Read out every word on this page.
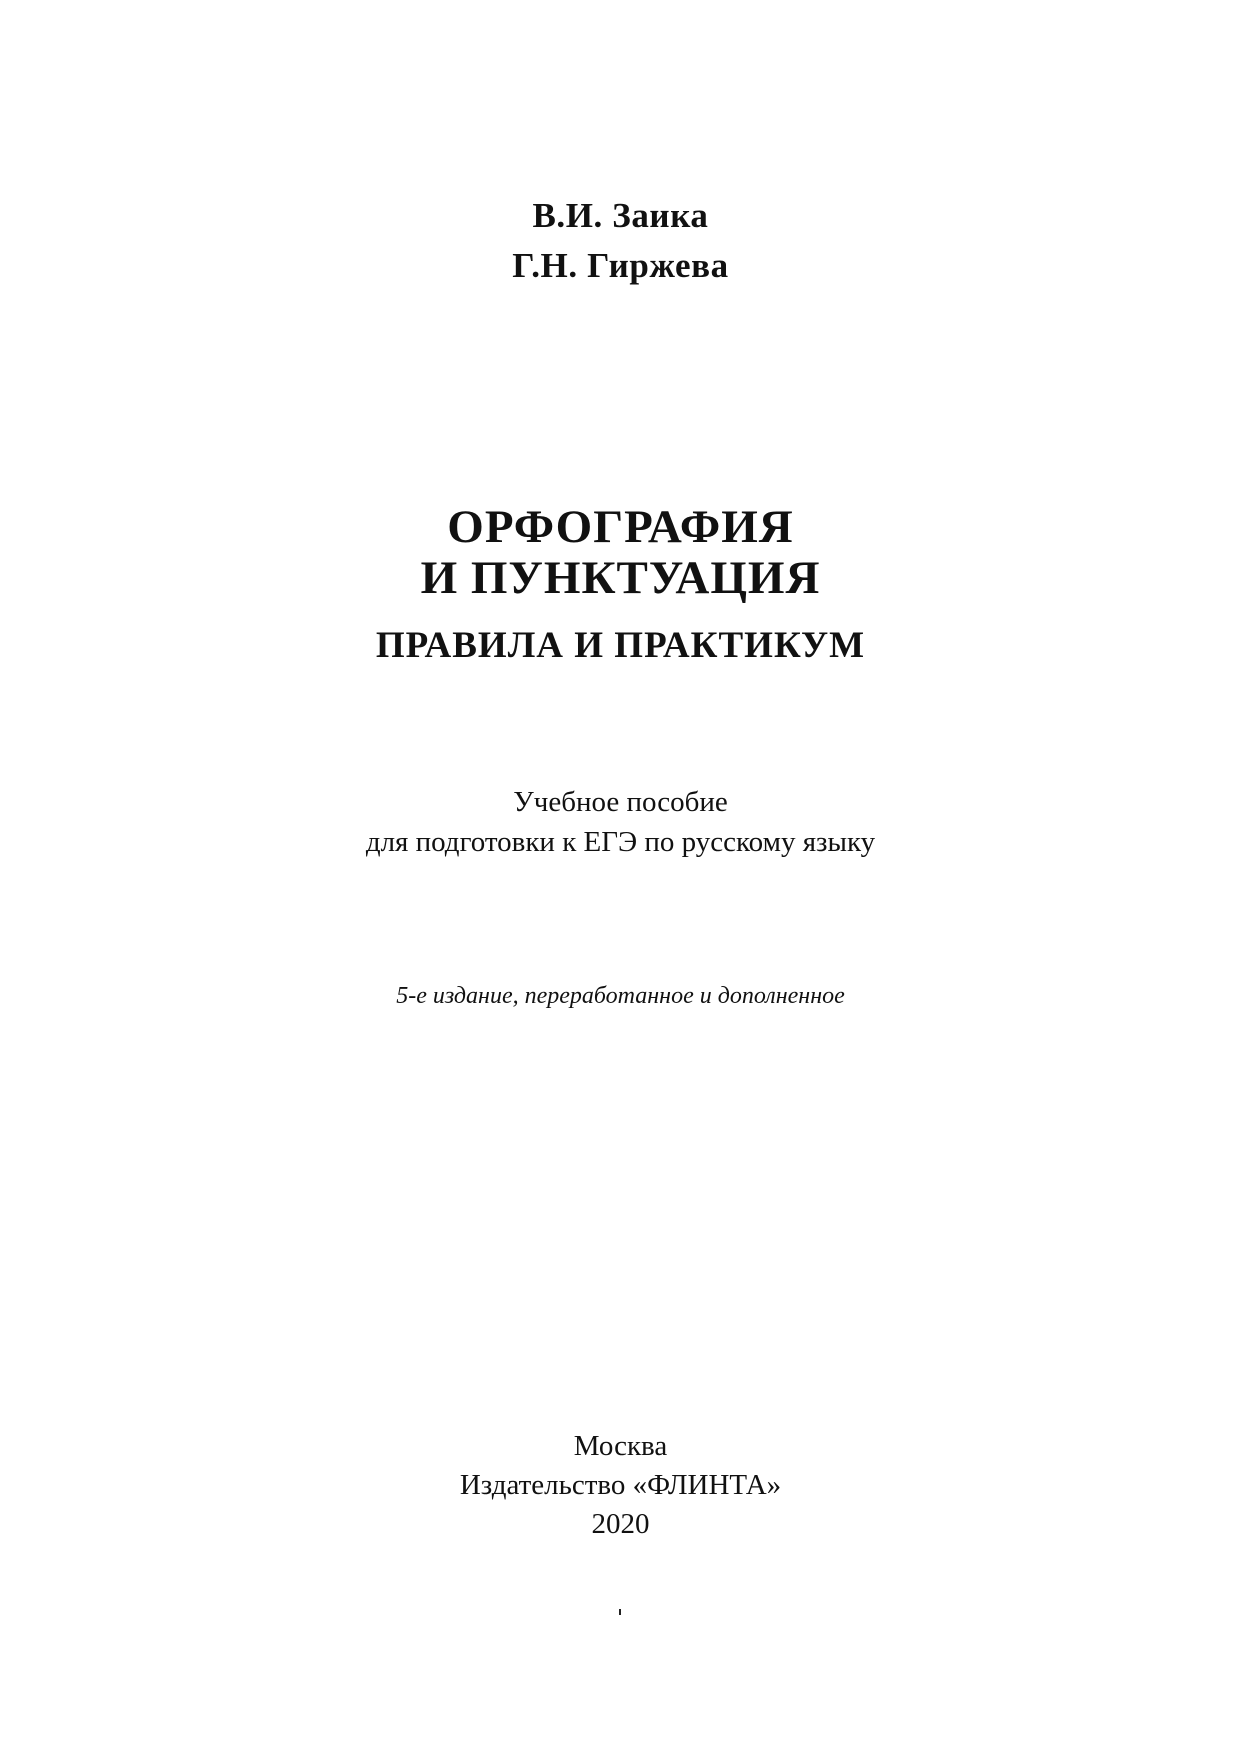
В.И. Заика
Г.Н. Гиржева
ОРФОГРАФИЯ
И ПУНКТУАЦИЯ
ПРАВИЛА И ПРАКТИКУМ
Учебное пособие
для подготовки к ЕГЭ по русскому языку
5-е издание, переработанное и дополненное
Москва
Издательство «ФЛИНТА»
2020
